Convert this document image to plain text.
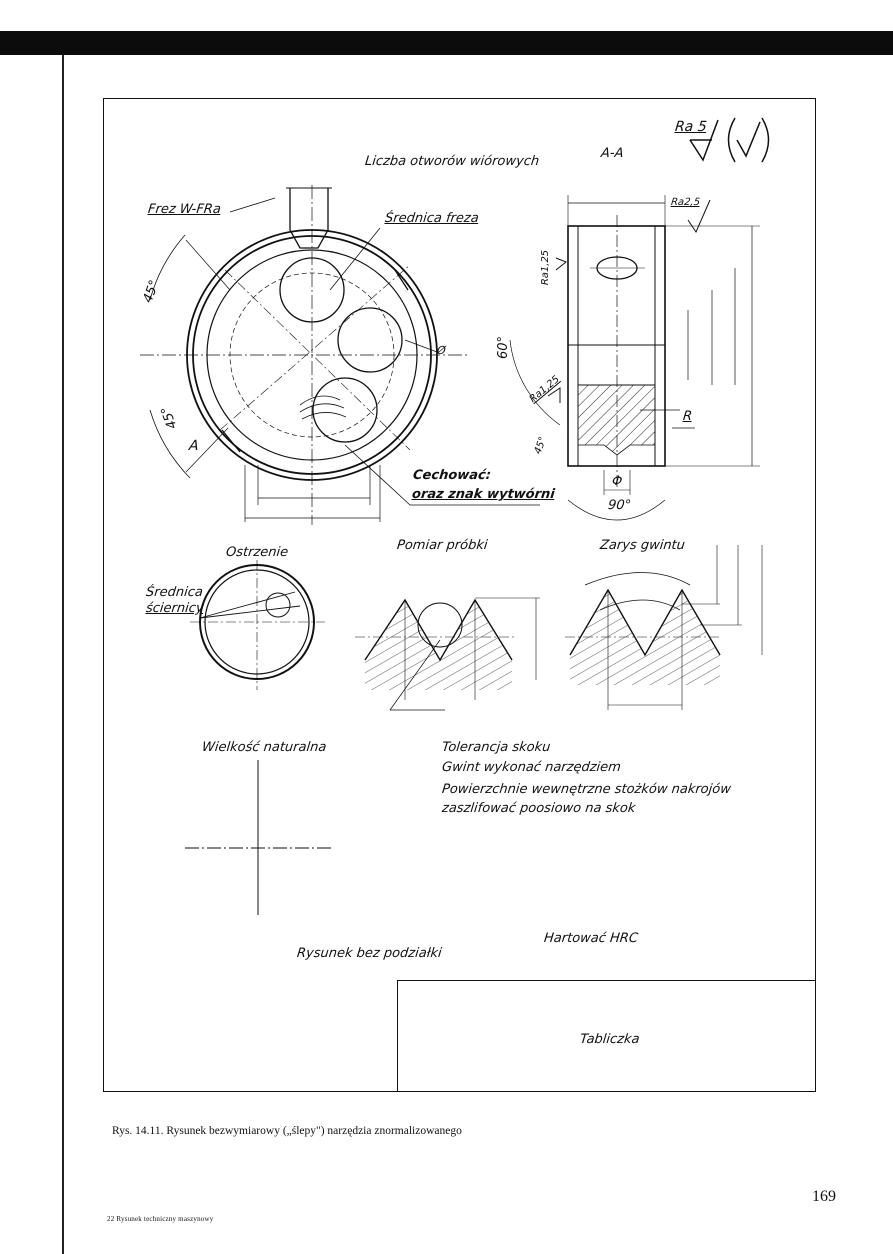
Liczba otworów wiórowych
A-A
Ra 5
Frez W-FRa
Średnica freza
45°
45°
A
Ø
Cechować:
oraz znak wytwórni
Ra2,5
Ra1,25
Ra1,25
60°
45°
R
Φ
90°
Ostrzenie
Średnica
ściernicy
Pomiar próbki	Zarys gwintu
Wielkość naturalna	Tolerancja skoku
Gwint wykonać narzędziem
Powierzchnie wewnętrzne stożków nakrojów
zaszlifować poosiowo na skok
Rysunek bez podziałki
Hartować HRC
Tabliczka
Rys. 14.11. Rysunek bezwymiarowy („ślepy") narzędzia znormalizowanego
22 Rysunek techniczny maszynowy
169
